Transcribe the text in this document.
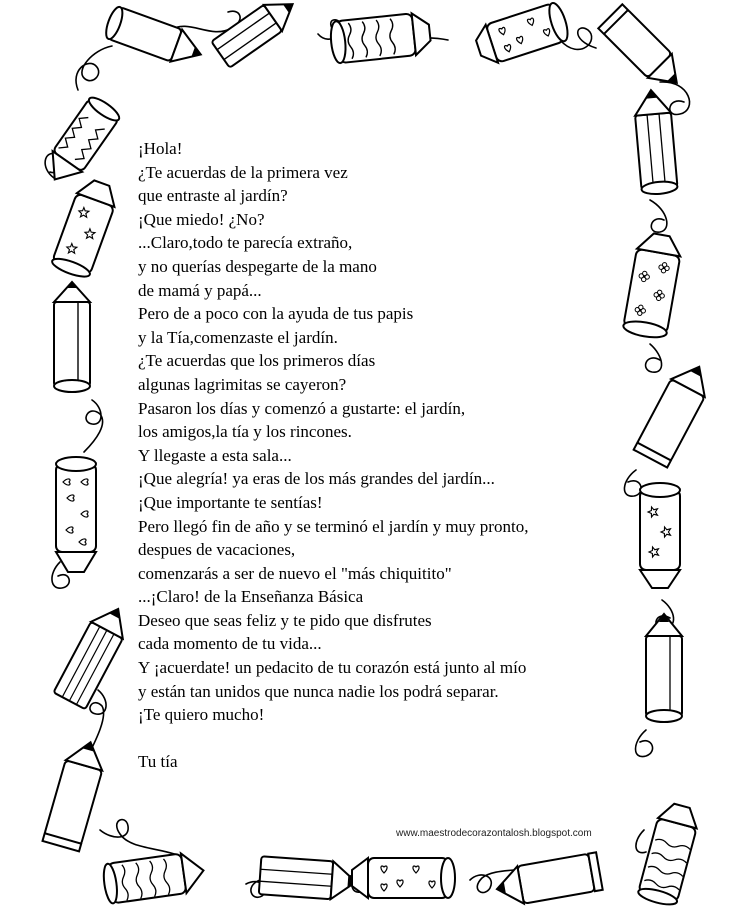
¡Hola!
¿Te acuerdas de la primera vez
que entraste al jardín?
¡Que miedo! ¿No?
...Claro,todo te parecía extraño,
y no querías despegarte de la mano
de mamá y papá...
Pero de a poco con la ayuda de tus papis
y la Tía,comenzaste el jardín.
¿Te acuerdas que los primeros días
algunas lagrimitas se cayeron?
Pasaron los días y comenzó a gustarte: el jardín,
los amigos,la tía y los rincones.
Y llegaste a esta sala...
¡Que alegría! ya eras de los más grandes del jardín...
¡Que importante te sentías!
Pero llegó fin de año y se terminó el jardín y muy pronto,
despues de vacaciones,
comenzarás a ser de nuevo el "más chiquitito"
...¡Claro! de la Enseñanza Básica
Deseo que seas feliz y te pido que disfrutes
cada momento de tu vida...
Y ¡acuerdate! un pedacito de tu corazón está junto al mío
y están tan unidos que nunca nadie los podrá separar.
¡Te quiero mucho!
Tu tía
www.maestrodecorazontalosh.blogspot.com
